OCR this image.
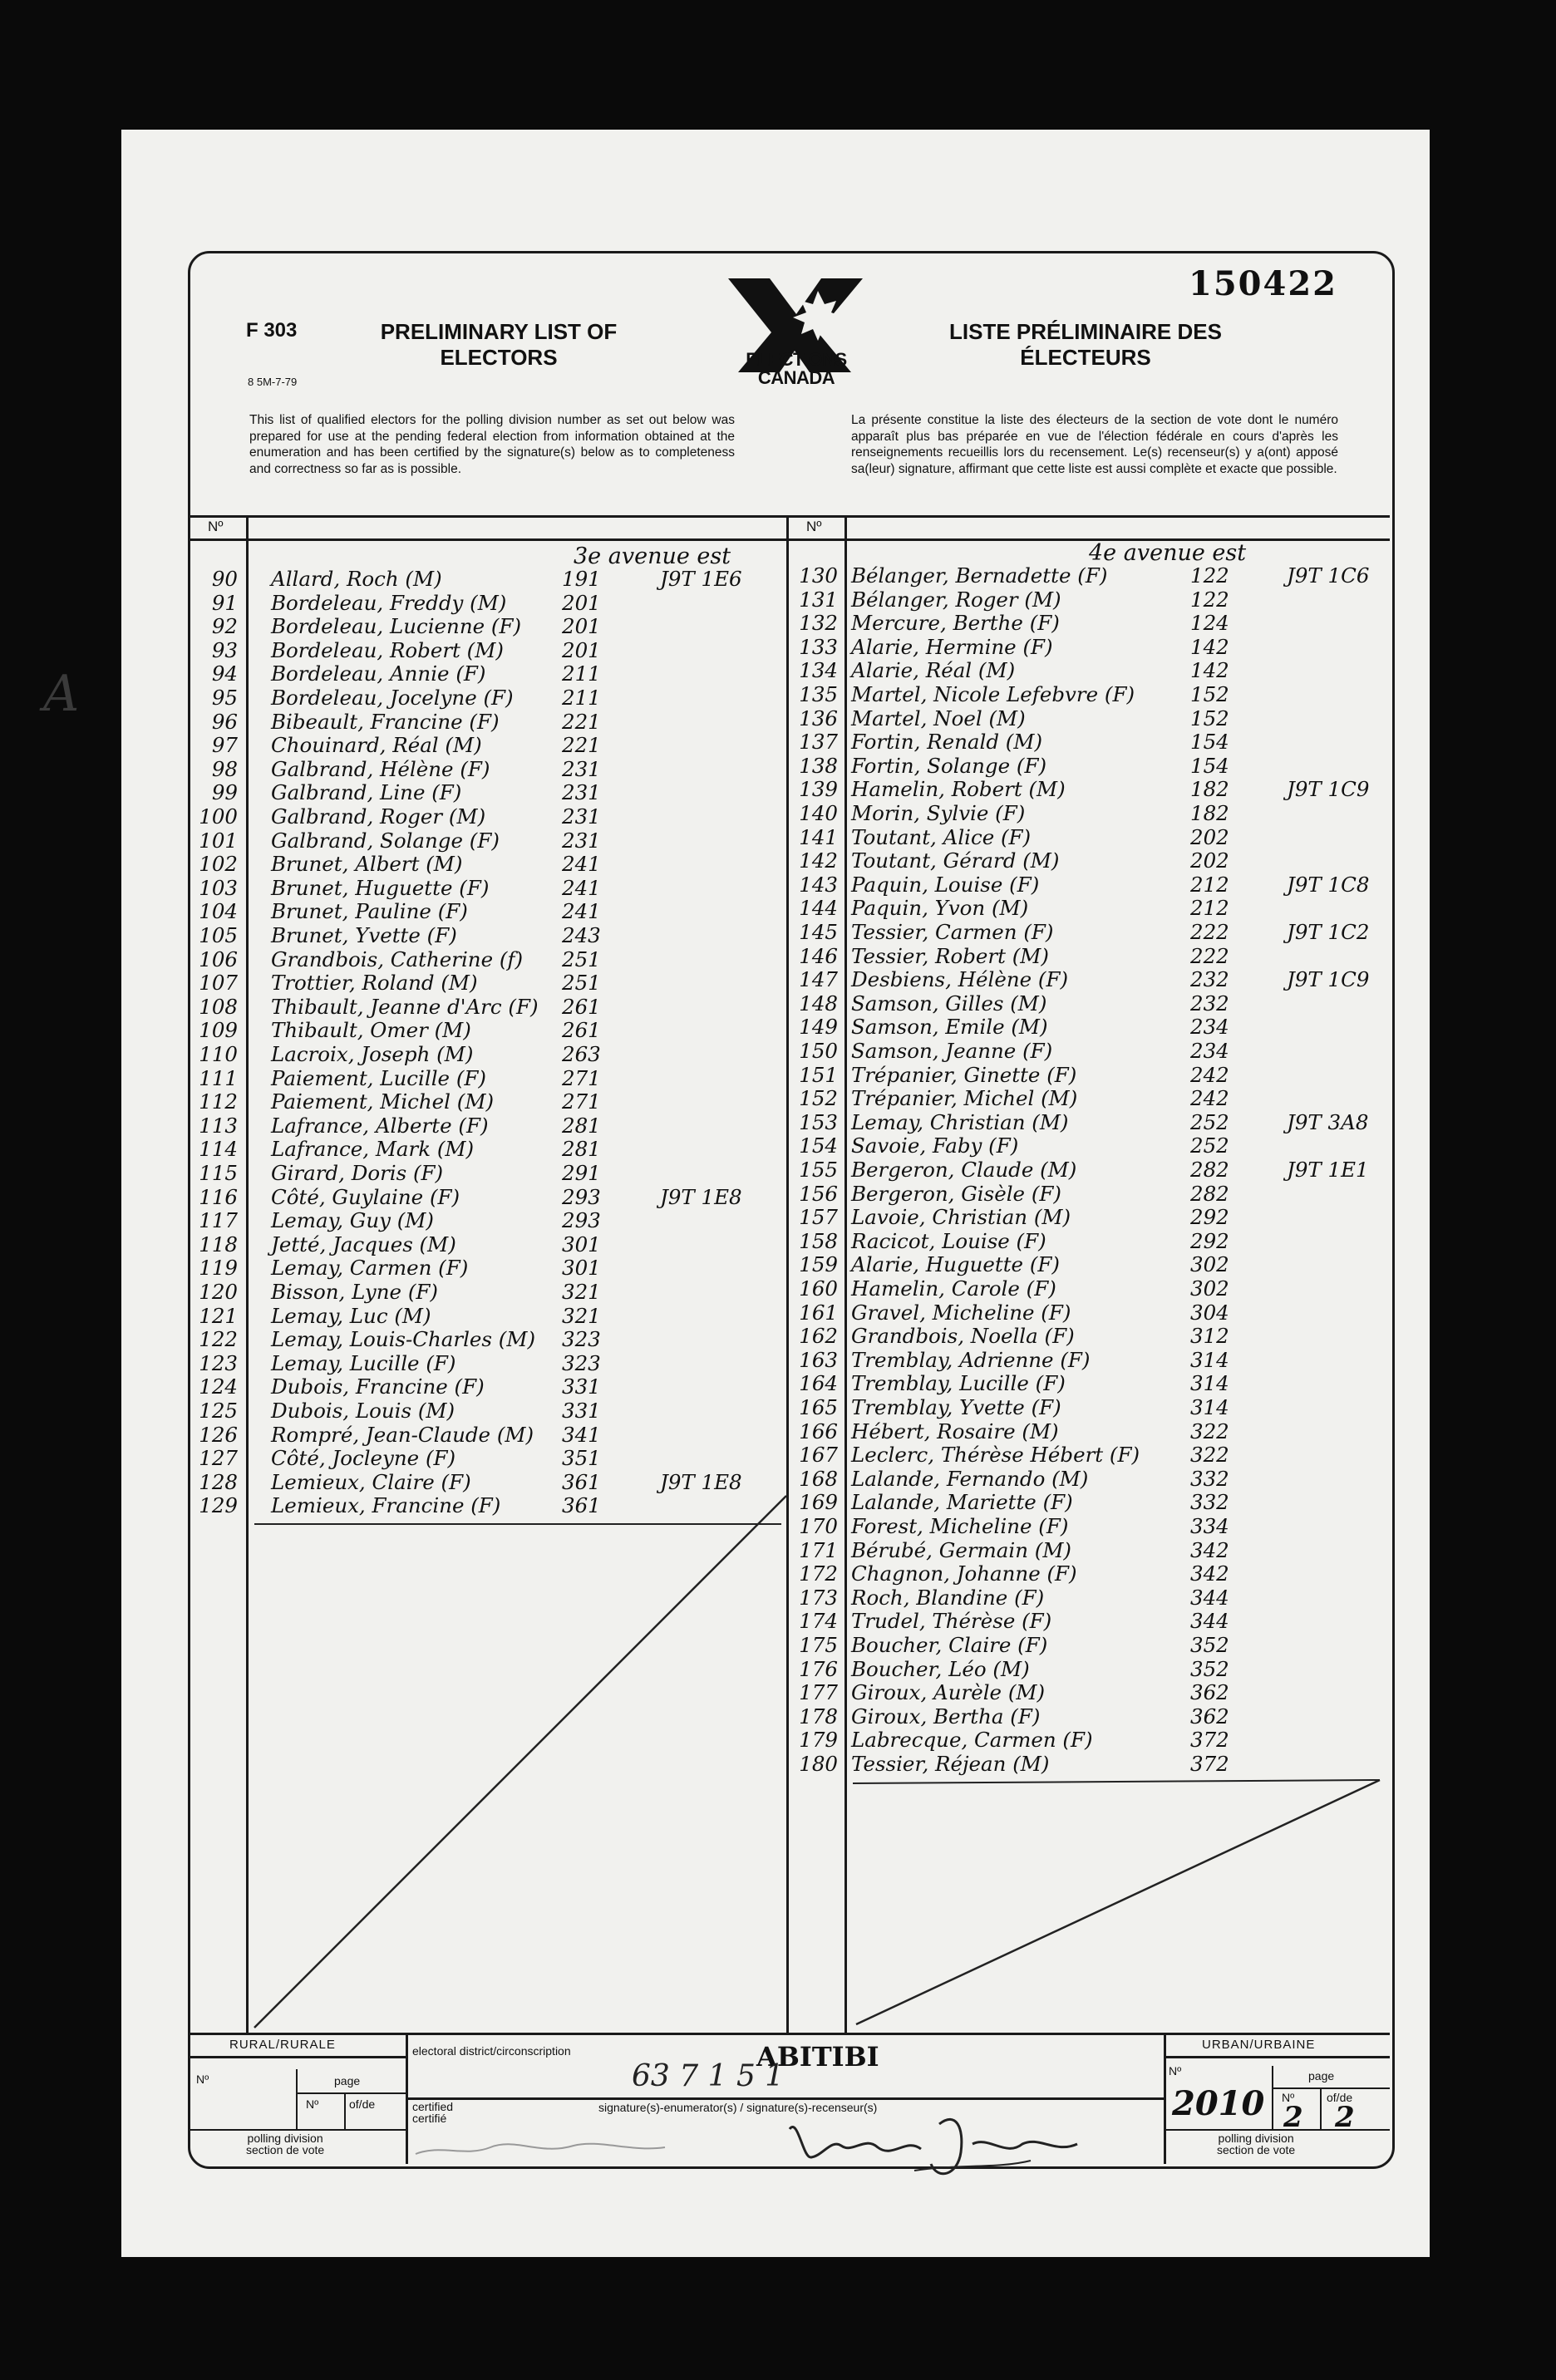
A
150422
F 303
8 5M-7-79
PRELIMINARY LIST OF
ELECTORS
LISTE PRÉLIMINAIRE DES
ÉLECTEURS
ELECTIONS
CANADA
This list of qualified electors for the polling division number as set out below was prepared for use at the pending federal election from information obtained at the enumeration and has been certified by the signature(s) below as to completeness and correctness so far as is possible.
La présente constitue la liste des électeurs de la section de vote dont le numéro apparaît plus bas préparée en vue de l'élection fédérale en cours d'après les renseignements recueillis lors du recensement. Le(s) recenseur(s) y a(ont) apposé sa(leur) signature, affirmant que cette liste est aussi complète et exacte que possible.
Nº	Nº
3e avenue est	4e avenue est
90 Allard, Roch (M)	191	J9T 1E6
91 Bordeleau, Freddy (M)	201
92 Bordeleau, Lucienne (F) 201
93 Bordeleau, Robert (M)	201
94 Bordeleau, Annie (F)	211
95 Bordeleau, Jocelyne (F) 211
96 Bibeault, Francine (F)	221
97 Chouinard, Réal (M)	221
98 Galbrand, Hélène (F)	231
99 Galbrand, Line (F)	231
100 Galbrand, Roger (M)	231
101 Galbrand, Solange (F)	231
102 Brunet, Albert (M)	241
103 Brunet, Huguette (F)	241
104 Brunet, Pauline (F)	241
105 Brunet, Yvette (F)	243
106 Grandbois, Catherine (f) 251
107 Trottier, Roland (M)	251
108 Thibault, Jeanne d'Arc (F) 261
109 Thibault, Omer (M)	261
110 Lacroix, Joseph (M)	263
111 Paiement, Lucille (F)	271
112 Paiement, Michel (M)	271
113 Lafrance, Alberte (F)	281
114 Lafrance, Mark (M)	281
115 Girard, Doris (F)	291
116 Côté, Guylaine (F)	293	J9T 1E8
117 Lemay, Guy (M)	293
118 Jetté, Jacques (M)	301
119 Lemay, Carmen (F)	301
120 Bisson, Lyne (F)	321
121 Lemay, Luc (M)	321
122 Lemay, Louis-Charles (M) 323
123 Lemay, Lucille (F)	323
124 Dubois, Francine (F)	331
125 Dubois, Louis (M)	331
126 Rompré, Jean-Claude (M) 341
127 Côté, Jocleyne (F)	351
128 Lemieux, Claire (F)	361	J9T 1E8
129 Lemieux, Francine (F)	361
130 Bélanger, Bernadette (F)	122	J9T 1C6
131 Bélanger, Roger (M)	122
132 Mercure, Berthe (F)	124
133 Alarie, Hermine (F)	142
134 Alarie, Réal (M)	142
135 Martel, Nicole Lefebvre (F)	152
136 Martel, Noel (M)	152
137 Fortin, Renald (M)	154
138 Fortin, Solange (F)	154
139 Hamelin, Robert (M)	182	J9T 1C9
140 Morin, Sylvie (F)	182
141 Toutant, Alice (F)	202
142 Toutant, Gérard (M)	202
143 Paquin, Louise (F)	212	J9T 1C8
144 Paquin, Yvon (M)	212
145 Tessier, Carmen (F)	222	J9T 1C2
146 Tessier, Robert (M)	222
147 Desbiens, Hélène (F)	232	J9T 1C9
148 Samson, Gilles (M)	232
149 Samson, Emile (M)	234
150 Samson, Jeanne (F)	234
151 Trépanier, Ginette (F)	242
152 Trépanier, Michel (M)	242
153 Lemay, Christian (M)	252	J9T 3A8
154 Savoie, Faby (F)	252
155 Bergeron, Claude (M)	282	J9T 1E1
156 Bergeron, Gisèle (F)	282
157 Lavoie, Christian (M)	292
158 Racicot, Louise (F)	292
159 Alarie, Huguette (F)	302
160 Hamelin, Carole (F)	302
161 Gravel, Micheline (F)	304
162 Grandbois, Noella (F)	312
163 Tremblay, Adrienne (F)	314
164 Tremblay, Lucille (F)	314
165 Tremblay, Yvette (F)	314
166 Hébert, Rosaire (M)	322
167 Leclerc, Thérèse Hébert (F) 322
168 Lalande, Fernando (M)	332
169 Lalande, Mariette (F)	332
170 Forest, Micheline (F)	334
171 Bérubé, Germain (M)	342
172 Chagnon, Johanne (F)	342
173 Roch, Blandine (F)	344
174 Trudel, Thérèse (F)	344
175 Boucher, Claire (F)	352
176 Boucher, Léo (M)	352
177 Giroux, Aurèle (M)	362
178 Giroux, Bertha (F)	362
179 Labrecque, Carmen (F)	372
180 Tessier, Réjean (M)	372
RURAL/RURALE
Nº	page
Nº	of/de
polling division
section de vote
electoral district/circonscription	ABITIBI
63 7 1 5 1
signature(s)-enumerator(s) / signature(s)-recenseur(s)
certified
certifié
URBAN/URBAINE
Nº	page
Nº	of/de
polling division
section de vote
2010 2 2
